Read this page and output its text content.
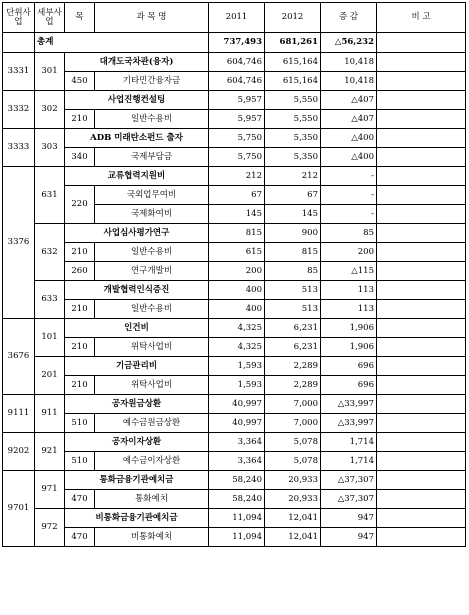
단위사업	세부사업	목	과 목 명	2011	2012	증 감	비 고
	총계			737,493	681,261	△56,232	
3331	301	대개도국차관(융자)		604,746	615,164	10,418	
		450	기타민간융자금	604,746	615,164	10,418	
3332	302	사업진행컨설팅		5,957	5,550	△407	
		210	일반수용비	5,957	5,550	△407	
3333	303	ADB 미래탄소펀드 출자		5,750	5,350	△400	
		340	국제부담금	5,750	5,350	△400	
3376	631	교류협력지원비		212	212	-	
		220	국외업무여비	67	67	-	
			국제화여비	145	145	-	
	632	사업심사평가연구		815	900	85	
		210	일반수용비	615	815	200	
		260	연구개발비	200	85	△115	
	633	개발협력인식증진		400	513	113	
		210	일반수용비	400	513	113	
3676	101	인건비		4,325	6,231	1,906	
		210	위탁사업비	4,325	6,231	1,906	
	201	기금관리비		1,593	2,289	696	
		210	위탁사업비	1,593	2,289	696	
9111	911	공자원금상환		40,997	7,000	△33,997	
		510	예수금원금상환	40,997	7,000	△33,997	
9202	921	공자이자상환		3,364	5,078	1,714	
		510	예수금이자상환	3,364	5,078	1,714	
9701	971	통화금융기관예치금		58,240	20,933	△37,307	
		470	통화예치	58,240	20,933	△37,307	
	972	비통화금융기관예치금		11,094	12,041	947	
		470	비통화예치	11,094	12,041	947	
